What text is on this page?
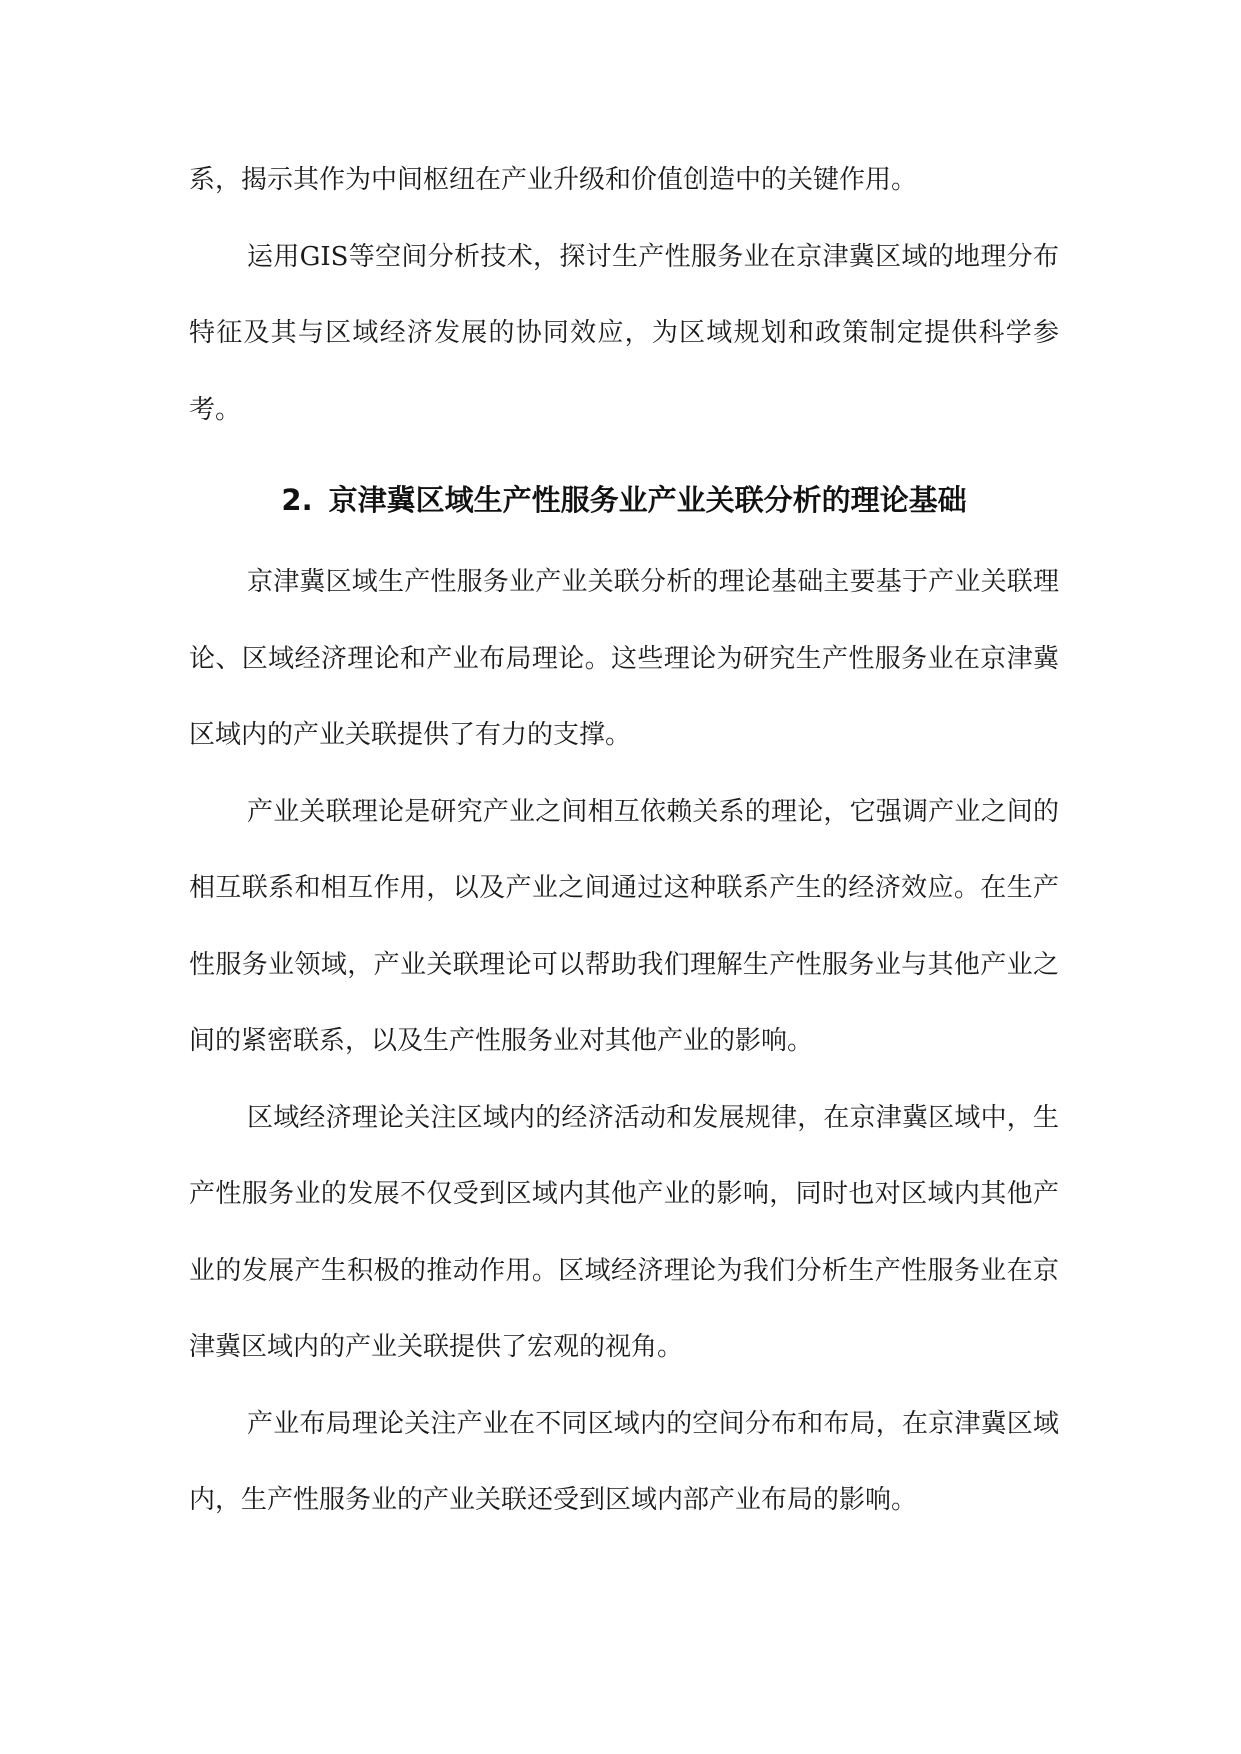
系，揭示其作为中间枢纽在产业升级和价值创造中的关键作用。

运用GIS等空间分析技术，探讨生产性服务业在京津冀区域的地理分布特征及其与区域经济发展的协同效应，为区域规划和政策制定提供科学参考。

2. 京津冀区域生产性服务业产业关联分析的理论基础

京津冀区域生产性服务业产业关联分析的理论基础主要基于产业关联理论、区域经济理论和产业布局理论。这些理论为研究生产性服务业在京津冀区域内的产业关联提供了有力的支撑。

产业关联理论是研究产业之间相互依赖关系的理论，它强调产业之间的相互联系和相互作用，以及产业之间通过这种联系产生的经济效应。在生产性服务业领域，产业关联理论可以帮助我们理解生产性服务业与其他产业之间的紧密联系，以及生产性服务业对其他产业的影响。

区域经济理论关注区域内的经济活动和发展规律，在京津冀区域中，生产性服务业的发展不仅受到区域内其他产业的影响，同时也对区域内其他产业的发展产生积极的推动作用。区域经济理论为我们分析生产性服务业在京津冀区域内的产业关联提供了宏观的视角。

产业布局理论关注产业在不同区域内的空间分布和布局，在京津冀区域内，生产性服务业的产业关联还受到区域内部产业布局的影响。
